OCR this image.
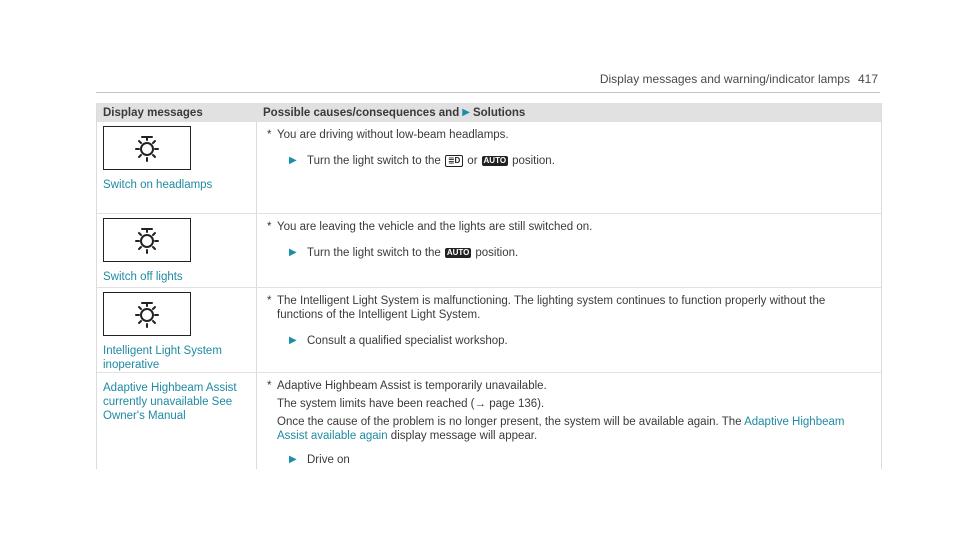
Display messages and warning/indicator lamps 417
Display messages	Possible causes/consequences and ▶ Solutions
Switch on headlamps
* You are driving without low-beam headlamps.
▶ Turn the light switch to the ≣D or AUTO position.
Switch off lights
* You are leaving the vehicle and the lights are still switched on.
▶ Turn the light switch to the AUTO position.
Intelligent Light System inoperative
* The Intelligent Light System is malfunctioning. The lighting system continues to function properly without the functions of the Intelligent Light System.
▶ Consult a qualified specialist workshop.
Adaptive Highbeam Assist currently unavailable See Owner's Manual
* Adaptive Highbeam Assist is temporarily unavailable.
The system limits have been reached (→ page 136).
Once the cause of the problem is no longer present, the system will be available again. The Adaptive Highbeam Assist available again display message will appear.
▶ Drive on
